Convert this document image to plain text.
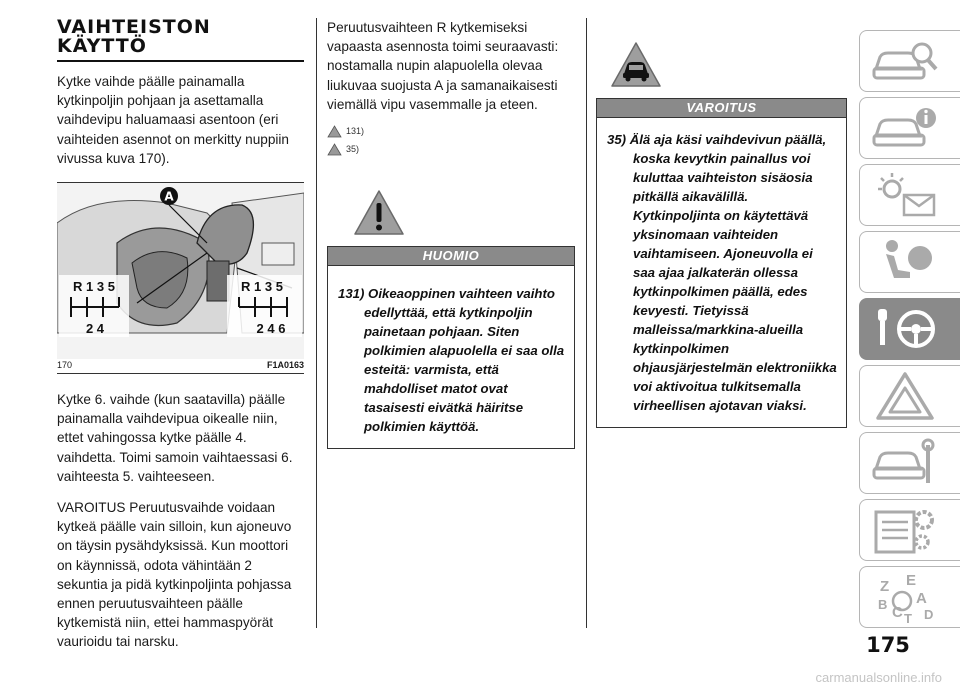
VAIHTEISTON
KÄYTTÖ
Kytke vaihde päälle painamalla kytkinpoljin pohjaan ja asettamalla vaihdevipu haluamaasi asentoon (eri vaihteiden asennot on merkitty nuppiin vivussa kuva 170).
A
R 1 3 5
2 4
R 1 3 5
2 4 6
170	F1A0163
Kytke 6. vaihde (kun saatavilla) päälle painamalla vaihdevipua oikealle niin, ettet vahingossa kytke päälle 4. vaihdetta. Toimi samoin vaihtaessasi 6. vaihteesta 5. vaihteeseen.
VAROITUS Peruutusvaihde voidaan kytkeä päälle vain silloin, kun ajoneuvo on täysin pysähdyksissä. Kun moottori on käynnissä, odota vähintään 2 sekuntia ja pidä kytkinpoljinta pohjassa ennen peruutusvaihteen päälle kytkemistä niin, ettei hammaspyörät vaurioidu tai narsku.
Peruutusvaihteen R kytkemiseksi vapaasta asennosta toimi seuraavasti: nostamalla nupin alapuolella olevaa liukuvaa suojusta A ja samanaikaisesti viemällä vipu vasemmalle ja eteen.
131)
35)
HUOMIO
131) Oikeaoppinen vaihteen vaihto edellyttää, että kytkinpoljin painetaan pohjaan. Siten polkimien alapuolella ei saa olla esteitä: varmista, että mahdolliset matot ovat tasaisesti eivätkä häiritse polkimien käyttöä.
VAROITUS
35) Älä aja käsi vaihdevivun päällä, koska kevytkin painallus voi kuluttaa vaihteiston sisäosia pitkällä aikavälillä. Kytkinpoljinta on käytettävä yksinomaan vaihteiden vaihtamiseen. Ajoneuvolla ei saa ajaa jalkaterän ollessa kytkinpolkimen päällä, edes kevyesti. Tietyissä malleissa/markkina-alueilla kytkinpolkimen ohjausjärjestelmän elektroniikka voi aktivoitua tulkitsemalla virheellisen ajotavan viaksi.
Z E
A
B C T D
175
carmanualsonline.info
